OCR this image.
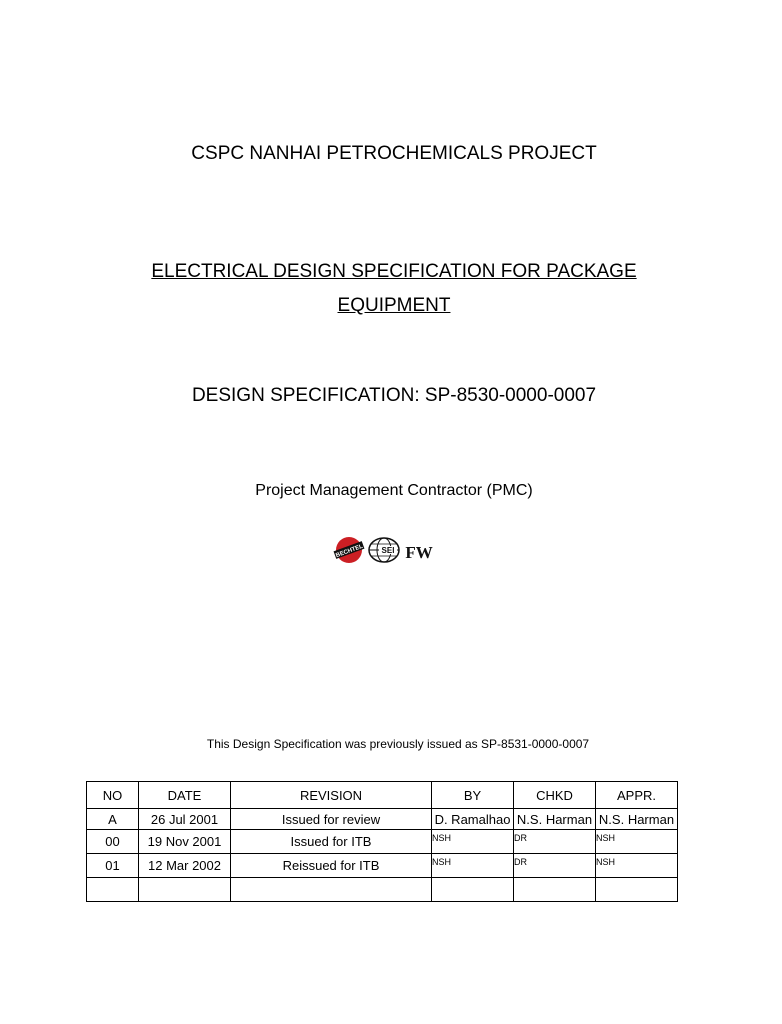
CSPC NANHAI PETROCHEMICALS PROJECT
ELECTRICAL DESIGN SPECIFICATION FOR PACKAGE
EQUIPMENT
DESIGN SPECIFICATION: SP-8530-0000-0007
Project Management Contractor (PMC)
BECHTEL SEI FW
This Design Specification was previously issued as SP-8531-0000-0007
NO	DATE	REVISION	BY	CHKD	APPR.
A	26 Jul 2001	Issued for review	D. Ramalhao	N.S. Harman	N.S. Harman
00	19 Nov 2001	Issued for ITB	NSH	DR	NSH
01	12 Mar 2002	Reissued for ITB	NSH	DR	NSH
